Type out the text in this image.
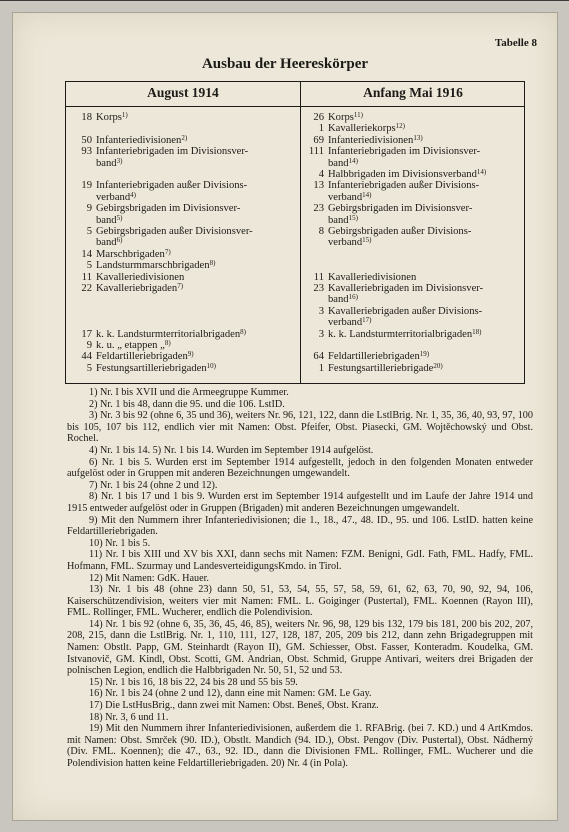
Tabelle 8
Ausbau der Heereskörper
August 1914	Anfang Mai 1916
18 Korps$^{1)}$
50 Infanteriedivisionen$^{2)}$
93 Infanteriebrigaden im Divisionsver-
band$^{3)}$
19 Infanteriebrigaden außer Divisions-
verband$^{4)}$
9 Gebirgsbrigaden im Divisionsver-
band$^{5)}$
5 Gebirgsbrigaden außer Divisionsver-
band$^{6)}$
14 Marschbrigaden$^{7)}$
5 Landsturmmarschbrigaden$^{8)}$
11 Kavalleriedivisionen
22 Kavalleriebrigaden$^{7)}$
17 k. k. Landsturmterritorialbrigaden$^{8)}$
9 k. u. „ etappen „$^{8)}$
44 Feldartilleriebrigaden$^{9)}$
5 Festungsartilleriebrigaden$^{10)}$
26 Korps$^{11)}$
1 Kavalleriekorps$^{12)}$
69 Infanteriedivisionen$^{13)}$
111 Infanteriebrigaden im Divisionsver-
band$^{14)}$
4 Halbbrigaden im Divisionsverband$^{14)}$
13 Infanteriebrigaden außer Divisions-
verband$^{14)}$
23 Gebirgsbrigaden im Divisionsver-
band$^{15)}$
8 Gebirgsbrigaden außer Divisions-
verband$^{15)}$
11 Kavalleriedivisionen
23 Kavalleriebrigaden im Divisionsver-
band$^{16)}$
3 Kavalleriebrigaden außer Divisions-
verband$^{17)}$
3 k. k. Landsturmterritorialbrigaden$^{18)}$
64 Feldartilleriebrigaden$^{19)}$
1 Festungsartilleriebrigade$^{20)}$

1) Nr. I bis XVII und die Armeegruppe Kummer.

2) Nr. 1 bis 48, dann die 95. und die 106. LstID.

3) Nr. 3 bis 92 (ohne 6, 35 und 36), weiters Nr. 96, 121, 122, dann die LstlBrig. Nr. 1, 35, 36, 40, 93, 97, 100 bis 105, 107 bis 112, endlich vier mit Namen: Obst. Pfeifer, Obst. Piasecki, GM. Wojtěchowský und Obst. Rochel.

4) Nr. 1 bis 14. 5) Nr. 1 bis 14. Wurden im September 1914 aufgelöst.

6) Nr. 1 bis 5. Wurden erst im September 1914 aufgestellt, jedoch in den folgenden Monaten entweder aufgelöst oder in Gruppen mit anderen Bezeichnungen umgewandelt.

7) Nr. 1 bis 24 (ohne 2 und 12).

8) Nr. 1 bis 17 und 1 bis 9. Wurden erst im September 1914 aufgestellt und im Laufe der Jahre 1914 und 1915 entweder aufgelöst oder in Gruppen (Brigaden) mit anderen Bezeichnungen umgewandelt.

9) Mit den Nummern ihrer Infanteriedivisionen; die 1., 18., 47., 48. ID., 95. und 106. LstID. hatten keine Feldartilleriebrigaden.

10) Nr. 1 bis 5.

11) Nr. I bis XIII und XV bis XXI, dann sechs mit Namen: FZM. Benigni, GdI. Fath, FML. Hadfy, FML. Hofmann, FML. Szurmay und LandesverteidigungsKmdo. in Tirol.

12) Mit Namen: GdK. Hauer.

13) Nr. 1 bis 48 (ohne 23) dann 50, 51, 53, 54, 55, 57, 58, 59, 61, 62, 63, 70, 90, 92, 94, 106, Kaiserschützendivision, weiters vier mit Namen: FML. L. Goiginger (Pustertal), FML. Koennen (Rayon III), FML. Rollinger, FML. Wucherer, endlich die Polendivision.

14) Nr. 1 bis 92 (ohne 6, 35, 36, 45, 46, 85), weiters Nr. 96, 98, 129 bis 132, 179 bis 181, 200 bis 202, 207, 208, 215, dann die LstlBrig. Nr. 1, 110, 111, 127, 128, 187, 205, 209 bis 212, dann zehn Brigadegruppen mit Namen: Obstlt. Papp, GM. Steinhardt (Rayon II), GM. Schiesser, Obst. Fasser, Konteradm. Koudelka, GM. Istvanovič, GM. Kindl, Obst. Scotti, GM. Andrian, Obst. Schmid, Gruppe Antivari, weiters drei Brigaden der polnischen Legion, endlich die Halbbrigaden Nr. 50, 51, 52 und 53.

15) Nr. 1 bis 16, 18 bis 22, 24 bis 28 und 55 bis 59.

16) Nr. 1 bis 24 (ohne 2 und 12), dann eine mit Namen: GM. Le Gay.

17) Die LstHusBrig., dann zwei mit Namen: Obst. Beneš, Obst. Kranz.

18) Nr. 3, 6 und 11.

19) Mit den Nummern ihrer Infanteriedivisionen, außerdem die 1. RFABrig. (bei 7. KD.) und 4 ArtKmdos. mit Namen: Obst. Smrček (90. ID.), Obstlt. Mandich (94. ID.), Obst. Pengov (Div. Pustertal), Obst. Nádherný (Div. FML. Koennen); die 47., 63., 92. ID., dann die Divisionen FML. Rollinger, FML. Wucherer und die Polendivision hatten keine Feldartilleriebrigaden. 20) Nr. 4 (in Pola).
